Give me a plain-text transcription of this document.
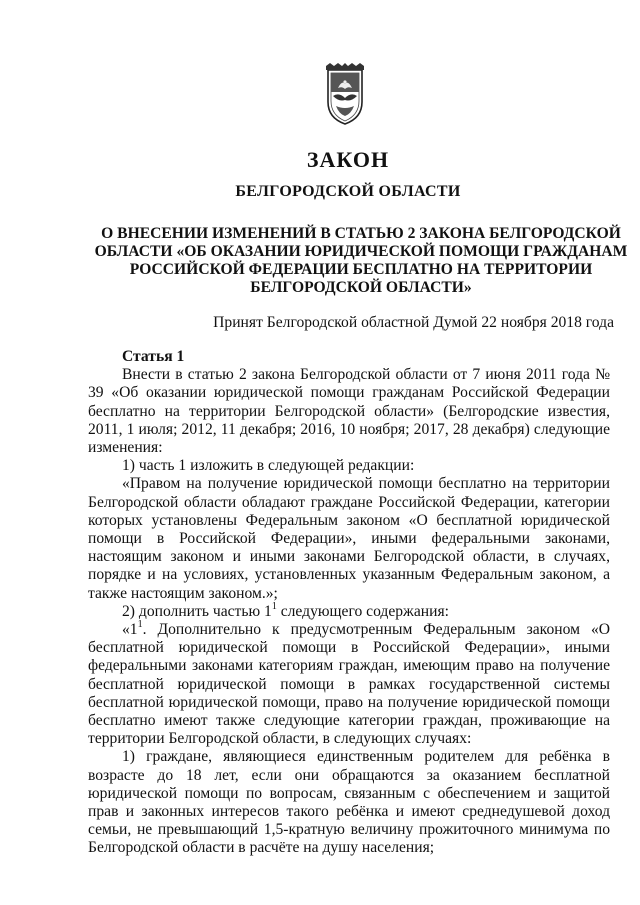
ЗАКОН
БЕЛГОРОДСКОЙ ОБЛАСТИ
О ВНЕСЕНИИ ИЗМЕНЕНИЙ В СТАТЬЮ 2 ЗАКОНА БЕЛГОРОДСКОЙ
ОБЛАСТИ «ОБ ОКАЗАНИИ ЮРИДИЧЕСКОЙ ПОМОЩИ ГРАЖДАНАМ
РОССИЙСКОЙ ФЕДЕРАЦИИ БЕСПЛАТНО НА ТЕРРИТОРИИ
БЕЛГОРОДСКОЙ ОБЛАСТИ»
Принят Белгородской областной Думой 22 ноября 2018 года

Статья 1

Внести в статью 2 закона Белгородской области от 7 июня 2011 года № 39 «Об оказании юридической помощи гражданам Российской Федерации бесплатно на территории Белгородской области» (Белгородские известия, 2011, 1 июля; 2012, 11 декабря; 2016, 10 ноября; 2017, 28 декабря) следующие изменения:

1) часть 1 изложить в следующей редакции:

«Правом на получение юридической помощи бесплатно на территории Белгородской области обладают граждане Российской Федерации, категории которых установлены Федеральным законом «О бесплатной юридической помощи в Российской Федерации», иными федеральными законами, настоящим законом и иными законами Белгородской области, в случаях, порядке и на условиях, установленных указанным Федеральным законом, а также настоящим законом.»;

2) дополнить частью $1^1$ следующего содержания:

«$1^1$. Дополнительно к предусмотренным Федеральным законом «О бесплатной юридической помощи в Российской Федерации», иными федеральными законами категориям граждан, имеющим право на получение бесплатной юридической помощи в рамках государственной системы бесплатной юридической помощи, право на получение юридической помощи бесплатно имеют также следующие категории граждан, проживающие на территории Белгородской области, в следующих случаях:

1) граждане, являющиеся единственным родителем для ребёнка в возрасте до 18 лет, если они обращаются за оказанием бесплатной юридической помощи по вопросам, связанным с обеспечением и защитой прав и законных интересов такого ребёнка и имеют среднедушевой доход семьи, не превышающий 1,5-кратную величину прожиточного минимума по Белгородской области в расчёте на душу населения;
